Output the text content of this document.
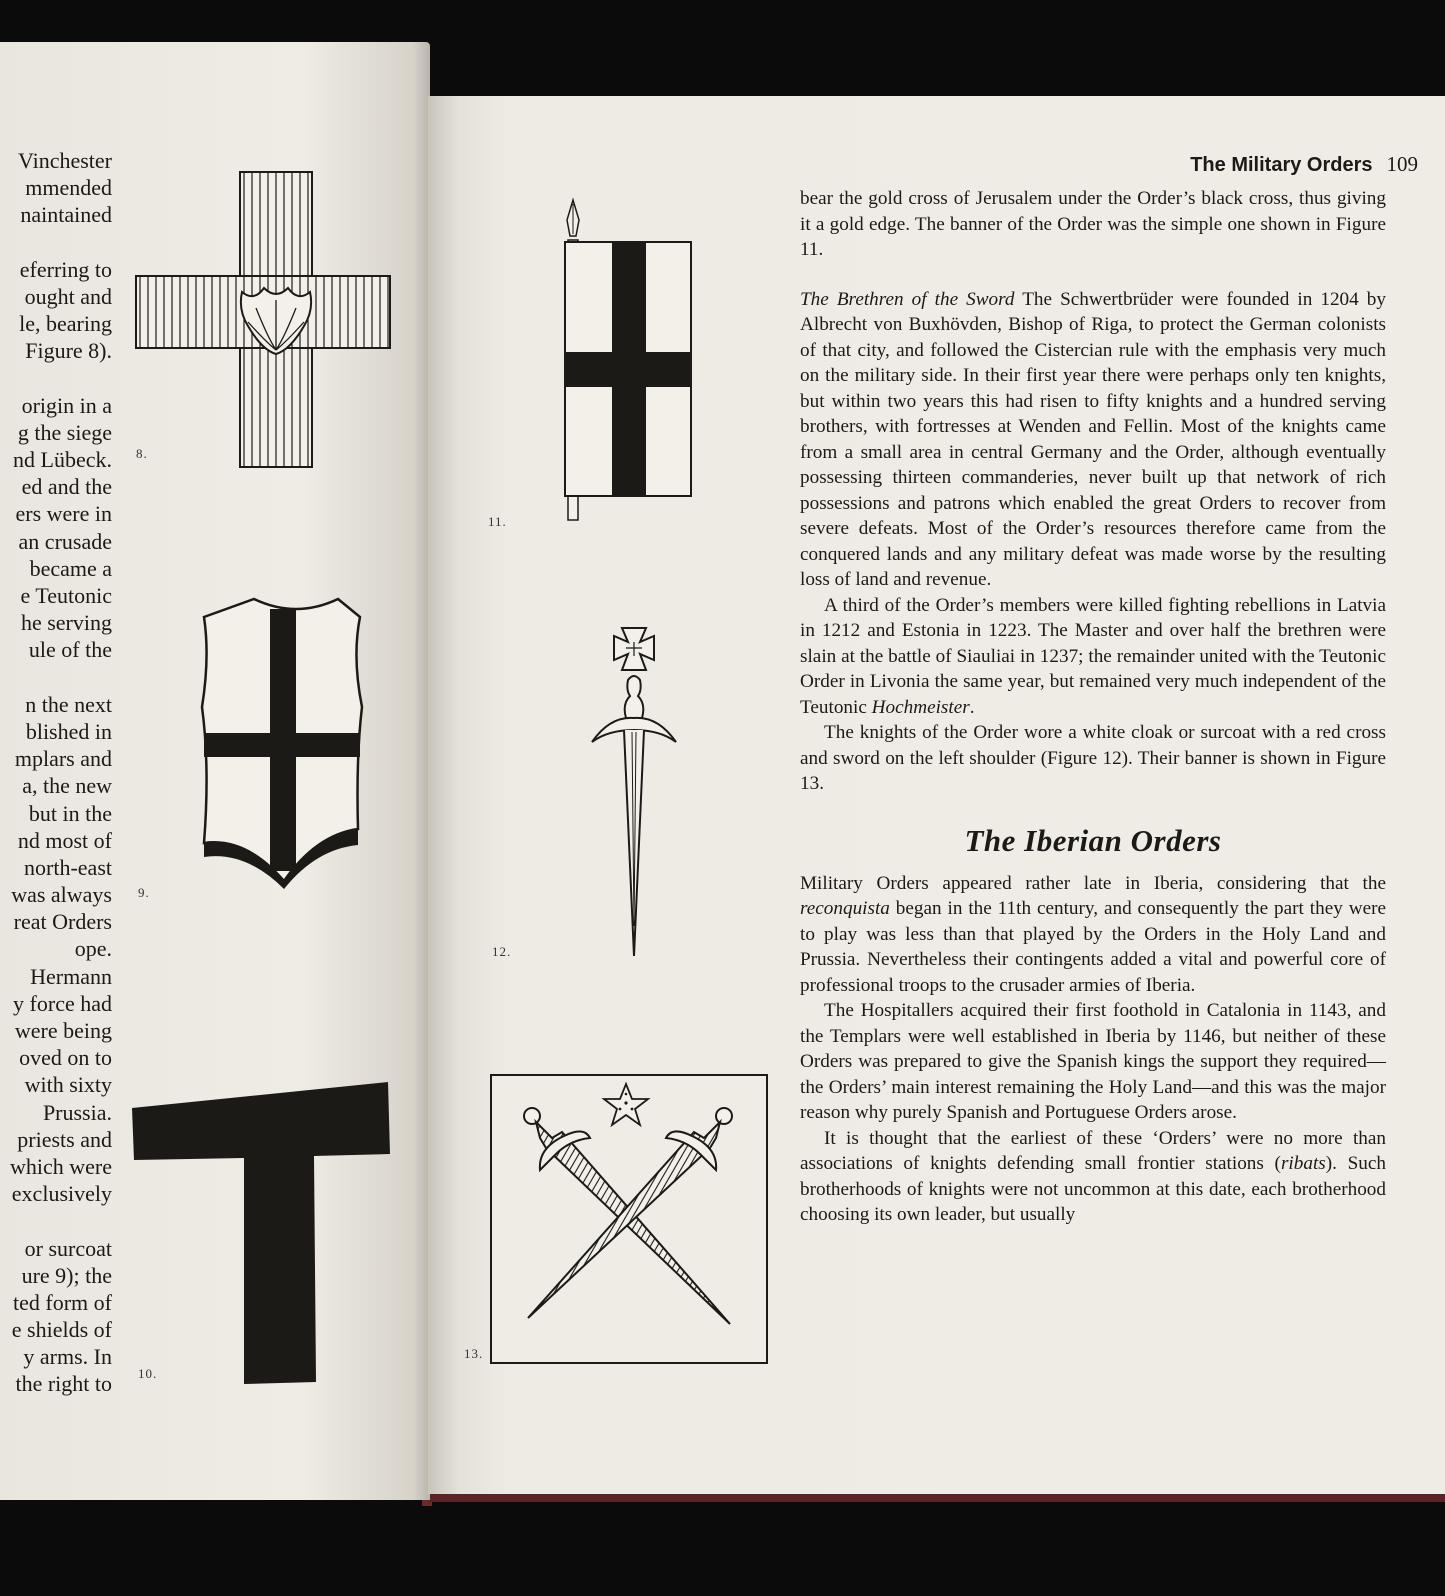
Vinchester
mmended
naintained
eferring to
ought and
le, bearing
Figure 8).
origin in a
g the siege
nd Lübeck.
ed and the
ers were in
an crusade
became a
e Teutonic
he serving
ule of the
n the next
blished in
mplars and
a, the new
but in the
nd most of
north-east
was always
reat Orders
ope.
Hermann
y force had
were being
oved on to
with sixty
Prussia.
priests and
which were
exclusively
or surcoat
ure 9); the
ted form of
e shields of
y arms. In
the right to
8.
9.
10.
The Military Orders 109
11.
12.
13.

bear the gold cross of Jerusalem under the Order’s black cross, thus giving it a gold edge. The banner of the Order was the simple one shown in Figure 11.

The Brethren of the Sword The Schwertbrüder were founded in 1204 by Albrecht von Buxhövden, Bishop of Riga, to protect the German colonists of that city, and followed the Cistercian rule with the emphasis very much on the military side. In their first year there were perhaps only ten knights, but within two years this had risen to fifty knights and a hundred serving brothers, with fortresses at Wenden and Fellin. Most of the knights came from a small area in central Germany and the Order, although eventually possessing thirteen commanderies, never built up that network of rich possessions and patrons which enabled the great Orders to recover from severe defeats. Most of the Order’s resources therefore came from the conquered lands and any military defeat was made worse by the resulting loss of land and revenue.

A third of the Order’s members were killed fighting rebellions in Latvia in 1212 and Estonia in 1223. The Master and over half the brethren were slain at the battle of Siauliai in 1237; the remainder united with the Teutonic Order in Livonia the same year, but remained very much independent of the Teutonic Hochmeister.

The knights of the Order wore a white cloak or surcoat with a red cross and sword on the left shoulder (Figure 12). Their banner is shown in Figure 13.

The Iberian Orders

Military Orders appeared rather late in Iberia, considering that the reconquista began in the 11th century, and consequently the part they were to play was less than that played by the Orders in the Holy Land and Prussia. Nevertheless their contingents added a vital and powerful core of professional troops to the crusader armies of Iberia.

The Hospitallers acquired their first foothold in Catalonia in 1143, and the Templars were well established in Iberia by 1146, but neither of these Orders was prepared to give the Spanish kings the support they required—the Orders’ main interest remaining the Holy Land—and this was the major reason why purely Spanish and Portuguese Orders arose.

It is thought that the earliest of these ‘Orders’ were no more than associations of knights defending small frontier stations (ribats). Such brotherhoods of knights were not uncommon at this date, each brotherhood choosing its own leader, but usually
